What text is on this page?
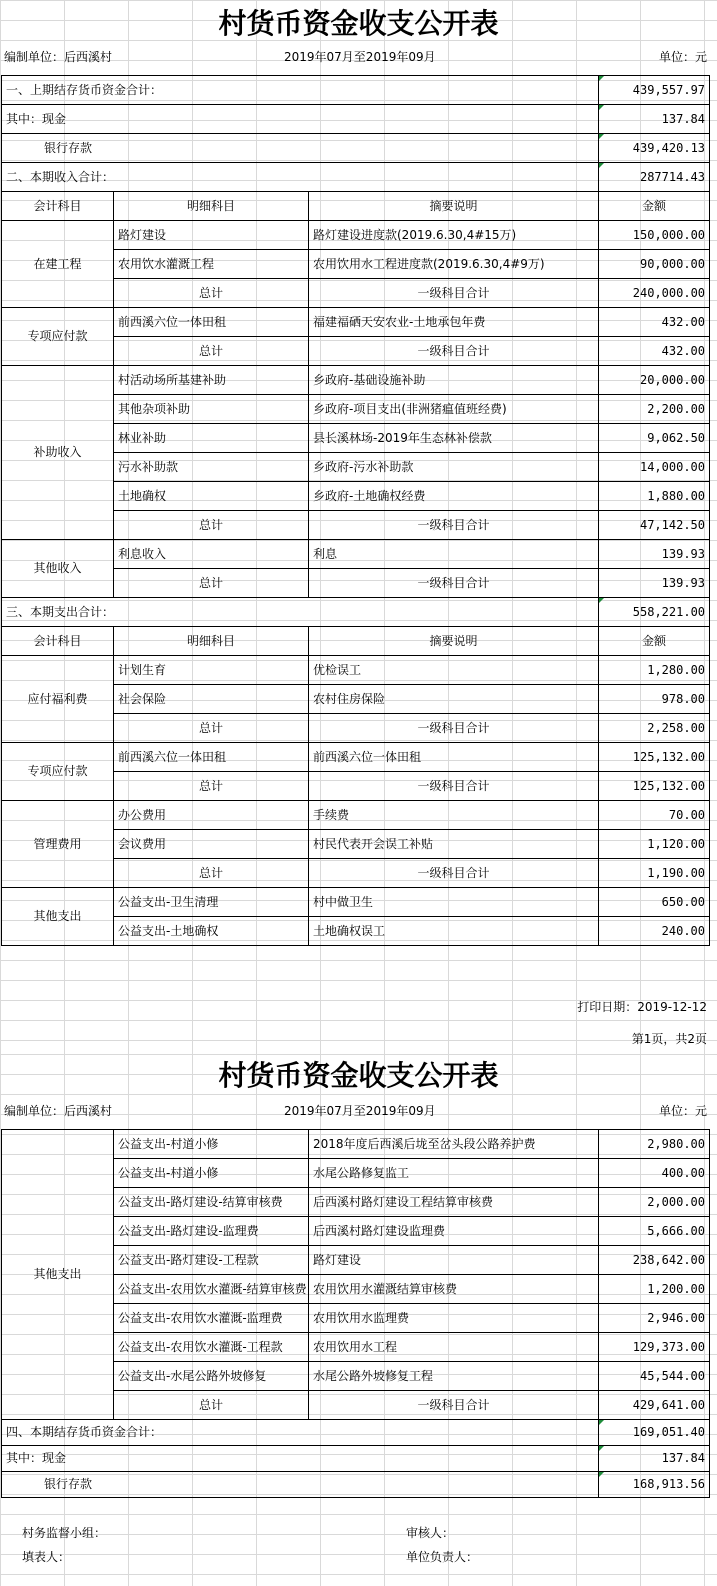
村货币资金收支公开表
编制单位：后西溪村	2019年07月至2019年09月	单位：元
一、上期结存货币资金合计：			439,557.97
其中：现金			137.84
银行存款			439,420.13
二、本期收入合计：			287714.43
会计科目	明细科目	摘要说明	金额
在建工程	路灯建设	路灯建设进度款(2019.6.30,4#15万)	150,000.00
	农用饮水灌溉工程	农用饮用水工程进度款(2019.6.30,4#9万)	90,000.00
	总计	一级科目合计	240,000.00
专项应付款	前西溪六位一体田租	福建福硒天安农业-土地承包年费	432.00
	总计	一级科目合计	432.00
补助收入	村活动场所基建补助	乡政府-基础设施补助	20,000.00
	其他杂项补助	乡政府-项目支出(非洲猪瘟值班经费)	2,200.00
	林业补助	县长溪林场-2019年生态林补偿款	9,062.50
	污水补助款	乡政府-污水补助款	14,000.00
	土地确权	乡政府-土地确权经费	1,880.00
	总计	一级科目合计	47,142.50
其他收入	利息收入	利息	139.93
	总计	一级科目合计	139.93
三、本期支出合计：			558,221.00
会计科目	明细科目	摘要说明	金额
应付福利费	计划生育	优检误工	1,280.00
	社会保险	农村住房保险	978.00
	总计	一级科目合计	2,258.00
专项应付款	前西溪六位一体田租	前西溪六位一体田租	125,132.00
	总计	一级科目合计	125,132.00
管理费用	办公费用	手续费	70.00
	会议费用	村民代表开会误工补贴	1,120.00
	总计	一级科目合计	1,190.00
其他支出	公益支出-卫生清理	村中做卫生	650.00
	公益支出-土地确权	土地确权误工	240.00
打印日期：2019-12-12
第1页，共2页
村货币资金收支公开表
编制单位：后西溪村	2019年07月至2019年09月	单位：元
其他支出	公益支出-村道小修	2018年度后西溪后垅至岔头段公路养护费	2,980.00
	公益支出-村道小修	水尾公路修复监工	400.00
	公益支出-路灯建设-结算审核费	后西溪村路灯建设工程结算审核费	2,000.00
	公益支出-路灯建设-监理费	后西溪村路灯建设监理费	5,666.00
	公益支出-路灯建设-工程款	路灯建设	238,642.00
	公益支出-农用饮水灌溉-结算审核费	农用饮用水灌溉结算审核费	1,200.00
	公益支出-农用饮水灌溉-监理费	农用饮用水监理费	2,946.00
	公益支出-农用饮水灌溉-工程款	农用饮用水工程	129,373.00
	公益支出-水尾公路外坡修复	水尾公路外坡修复工程	45,544.00
	总计	一级科目合计	429,641.00
四、本期结存货币资金合计：			169,051.40
其中：现金			137.84
银行存款			168,913.56
村务监督小组：	审核人：
填表人：	单位负责人：
